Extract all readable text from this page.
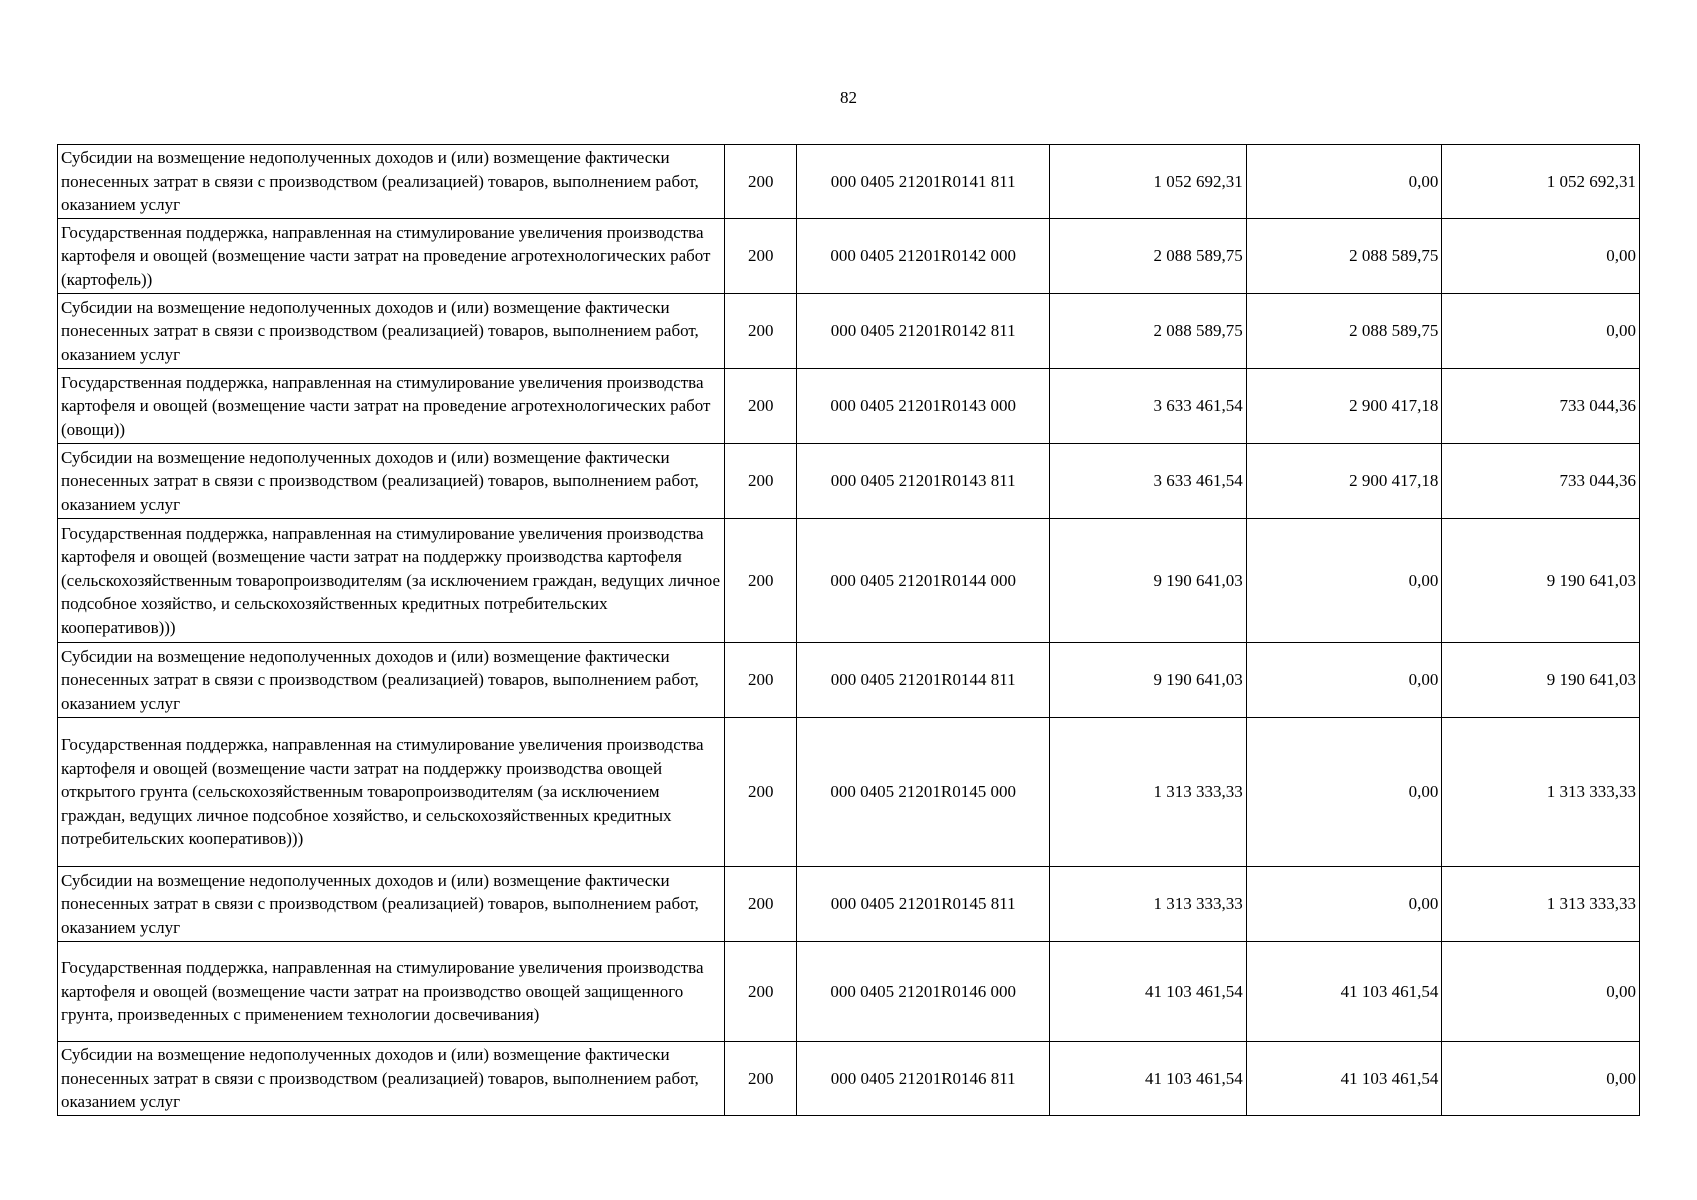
82
Субсидии на возмещение недополученных доходов и (или) возмещение фактически понесенных затрат в связи с производством (реализацией) товаров, выполнением работ, оказанием услуг	200	000 0405 21201R0141 811	1 052 692,31	0,00	1 052 692,31
Государственная поддержка, направленная на стимулирование увеличения производства картофеля и овощей (возмещение части затрат на проведение агротехнологических работ (картофель))	200	000 0405 21201R0142 000	2 088 589,75	2 088 589,75	0,00
Субсидии на возмещение недополученных доходов и (или) возмещение фактически понесенных затрат в связи с производством (реализацией) товаров, выполнением работ, оказанием услуг	200	000 0405 21201R0142 811	2 088 589,75	2 088 589,75	0,00
Государственная поддержка, направленная на стимулирование увеличения производства картофеля и овощей (возмещение части затрат на проведение агротехнологических работ (овощи))	200	000 0405 21201R0143 000	3 633 461,54	2 900 417,18	733 044,36
Субсидии на возмещение недополученных доходов и (или) возмещение фактически понесенных затрат в связи с производством (реализацией) товаров, выполнением работ, оказанием услуг	200	000 0405 21201R0143 811	3 633 461,54	2 900 417,18	733 044,36
Государственная поддержка, направленная на стимулирование увеличения производства картофеля и овощей (возмещение части затрат на поддержку производства картофеля (сельскохозяйственным товаропроизводителям (за исключением граждан, ведущих личное подсобное хозяйство, и сельскохозяйственных кредитных потребительских кооперативов)))	200	000 0405 21201R0144 000	9 190 641,03	0,00	9 190 641,03
Субсидии на возмещение недополученных доходов и (или) возмещение фактически понесенных затрат в связи с производством (реализацией) товаров, выполнением работ, оказанием услуг	200	000 0405 21201R0144 811	9 190 641,03	0,00	9 190 641,03
Государственная поддержка, направленная на стимулирование увеличения производства картофеля и овощей (возмещение части затрат на поддержку производства овощей открытого грунта (сельскохозяйственным товаропроизводителям (за исключением граждан, ведущих личное подсобное хозяйство, и сельскохозяйственных кредитных потребительских кооперативов)))	200	000 0405 21201R0145 000	1 313 333,33	0,00	1 313 333,33
Субсидии на возмещение недополученных доходов и (или) возмещение фактически понесенных затрат в связи с производством (реализацией) товаров, выполнением работ, оказанием услуг	200	000 0405 21201R0145 811	1 313 333,33	0,00	1 313 333,33
Государственная поддержка, направленная на стимулирование увеличения производства картофеля и овощей (возмещение части затрат на производство овощей защищенного грунта, произведенных с применением технологии досвечивания)	200	000 0405 21201R0146 000	41 103 461,54	41 103 461,54	0,00
Субсидии на возмещение недополученных доходов и (или) возмещение фактически понесенных затрат в связи с производством (реализацией) товаров, выполнением работ, оказанием услуг	200	000 0405 21201R0146 811	41 103 461,54	41 103 461,54	0,00
